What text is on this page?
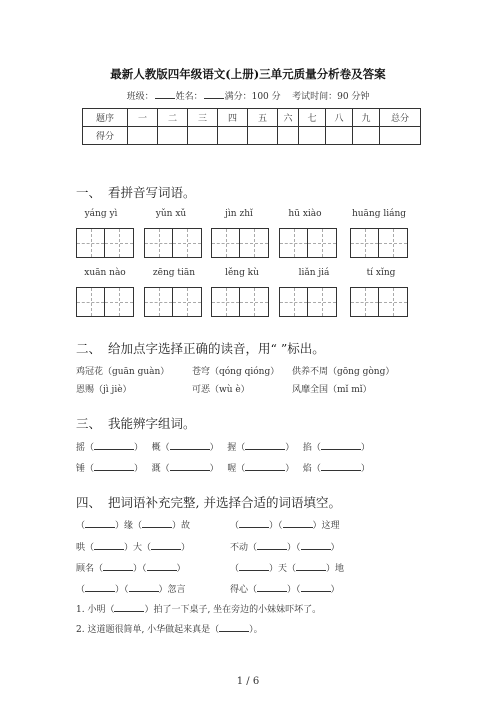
最新人教版四年级语文(上册)三单元质量分析卷及答案
班级： 姓名： 满分：100 分 考试时间：90 分钟
题序	一	二	三	四	五	六	七	八	九	总分
得分										
一、 看拼音写词语。
yáng yì	yǔn xǔ	jìn zhǐ	hū xiào	huāng liáng
xuān nào	zēng tiān	lěng kù	liǎn jiá	tí xǐng
二、 给加点字选择正确的读音，用“ ”标出。
鸡冠花（guān guàn）	苍穹（qóng qióng） 供养不周（gōng gòng）
恩赐（jì jiè）	可恶（wù è）	风靡全国（mǐ mǐ）
三、 我能辨字组词。
摇（	） 概（	） 握（	） 掐（	）
锤（	） 溉（	） 喔（	） 焰（	）
四、 把词语补充完整, 并选择合适的词语填空。
（	）缘（	）故	（	）（	）这理
哄（	）大（	）	不动（	）（	）
顾名（	）（	）	（	）天（	）地
（	）（	）忽言	得心（	）（	）
1. 小明（	）拍了一下桌子, 坐在旁边的小妹妹吓坏了。
2. 这道题很简单, 小华做起来真是（	）。
1 / 6
